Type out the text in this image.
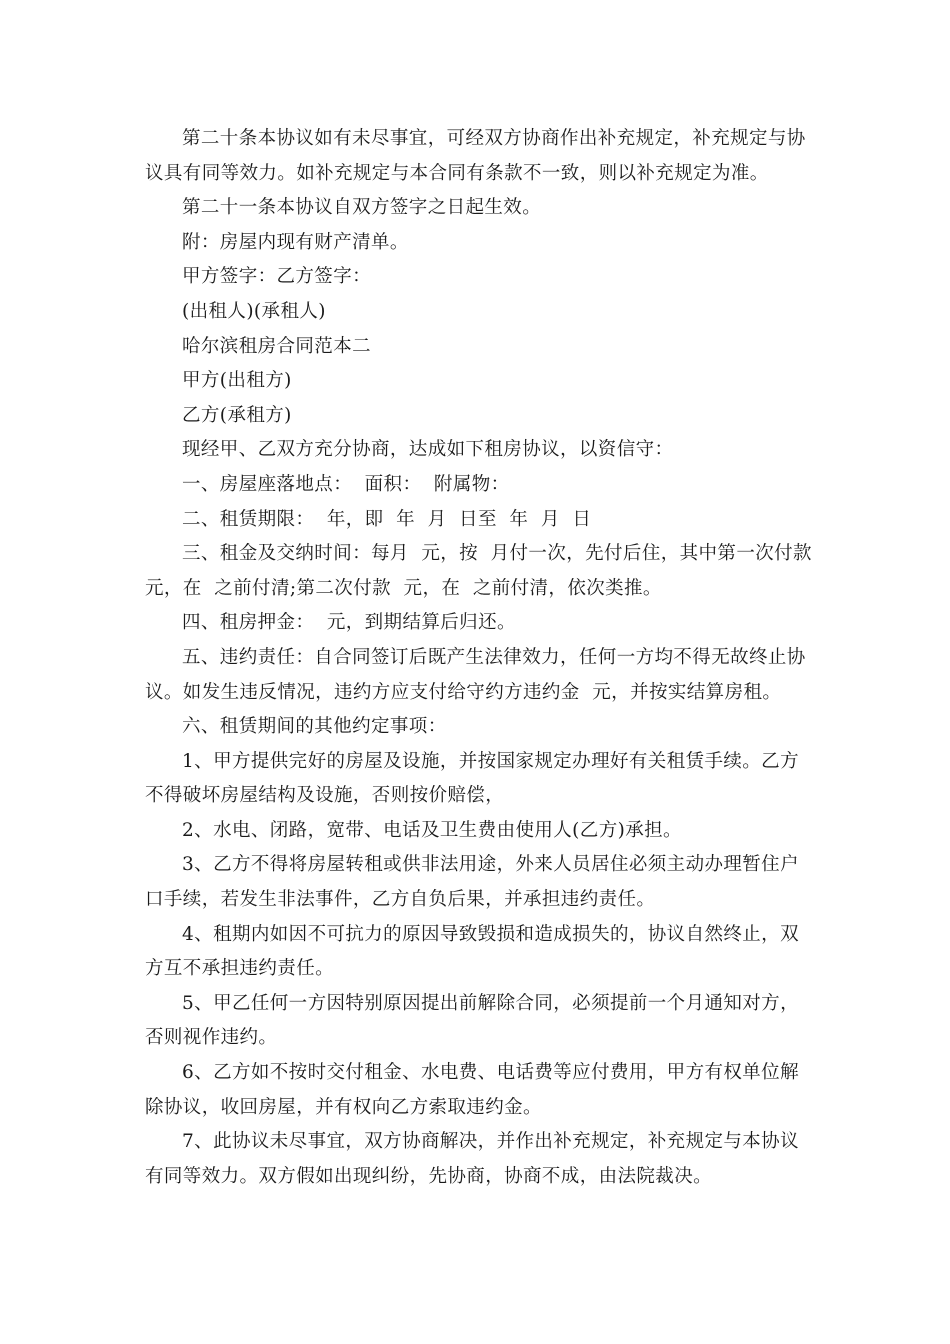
第二十条本协议如有未尽事宜，可经双方协商作出补充规定，补充规定与协
议具有同等效力。如补充规定与本合同有条款不一致，则以补充规定为准。
第二十一条本协议自双方签字之日起生效。
附：房屋内现有财产清单。
甲方签字：乙方签字：
(出租人)(承租人)
哈尔滨租房合同范本二
甲方(出租方)
乙方(承租方)
现经甲、乙双方充分协商，达成如下租房协议，以资信守：
一、房屋座落地点：  面积：  附属物：
二、租赁期限：  年，即  年  月  日至  年  月  日
三、租金及交纳时间：每月  元，按  月付一次，先付后住，其中第一次付款
元，在  之前付清;第二次付款  元，在  之前付清，依次类推。
四、租房押金：  元，到期结算后归还。
五、违约责任：自合同签订后既产生法律效力，任何一方均不得无故终止协
议。如发生违反情况，违约方应支付给守约方违约金  元，并按实结算房租。
六、租赁期间的其他约定事项：
1、甲方提供完好的房屋及设施，并按国家规定办理好有关租赁手续。乙方
不得破坏房屋结构及设施，否则按价赔偿，
2、水电、闭路，宽带、电话及卫生费由使用人(乙方)承担。
3、乙方不得将房屋转租或供非法用途，外来人员居住必须主动办理暂住户
口手续，若发生非法事件，乙方自负后果，并承担违约责任。
4、租期内如因不可抗力的原因导致毁损和造成损失的，协议自然终止，双
方互不承担违约责任。
5、甲乙任何一方因特别原因提出前解除合同，必须提前一个月通知对方，
否则视作违约。
6、乙方如不按时交付租金、水电费、电话费等应付费用，甲方有权单位解
除协议，收回房屋，并有权向乙方索取违约金。
7、此协议未尽事宜，双方协商解决，并作出补充规定，补充规定与本协议
有同等效力。双方假如出现纠纷，先协商，协商不成，由法院裁决。
